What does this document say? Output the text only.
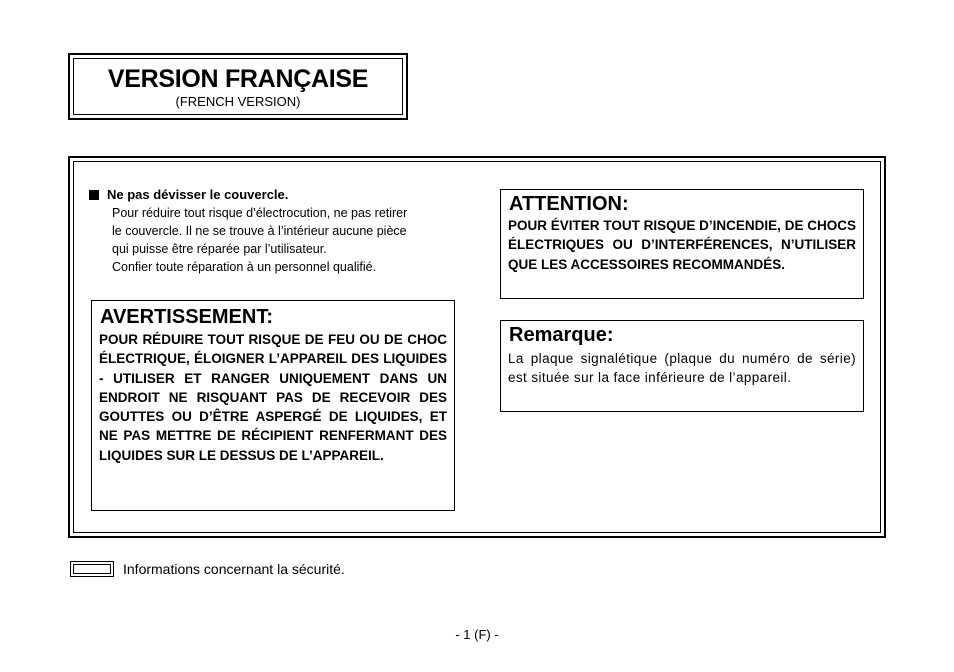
VERSION FRANÇAISE
(FRENCH VERSION)
Ne pas dévisser le couvercle.
Pour réduire tout risque d’électrocution, ne pas retirer
le couvercle. Il ne se trouve à l’intérieur aucune pièce
qui puisse être réparée par l’utilisateur.
Confier toute réparation à un personnel qualifié.
AVERTISSEMENT:
POUR RÉDUIRE TOUT RISQUE DE FEU OU DE CHOC ÉLECTRIQUE, ÉLOIGNER L’APPAREIL DES LIQUIDES - UTILISER ET RANGER UNIQUEMENT DANS UN ENDROIT NE RISQUANT PAS DE RECEVOIR DES GOUTTES OU D’ÊTRE ASPERGÉ DE LIQUIDES, ET NE PAS METTRE DE RÉCIPIENT RENFERMANT DES LIQUIDES SUR LE DESSUS DE L’APPAREIL.
ATTENTION:
POUR ÉVITER TOUT RISQUE D’INCENDIE, DE CHOCS ÉLECTRIQUES OU D’INTERFÉRENCES, N’UTILISER QUE LES ACCESSOIRES RECOMMANDÉS.
Remarque:
La plaque signalétique (plaque du numéro de série) est située sur la face inférieure de l’appareil.
Informations concernant la sécurité.
- 1 (F) -
